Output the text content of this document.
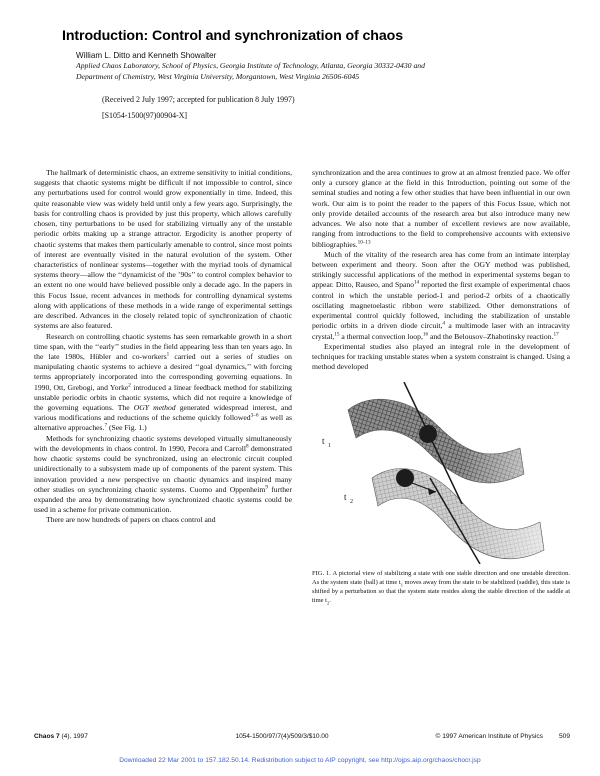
Introduction: Control and synchronization of chaos
William L. Ditto and Kenneth Showalter
Applied Chaos Laboratory, School of Physics, Georgia Institute of Technology, Atlanta, Georgia 30332-0430 and Department of Chemistry, West Virginia University, Morgantown, West Virginia 26506-6045
(Received 2 July 1997; accepted for publication 8 July 1997)
[S1054-1500(97)00904-X]

The hallmark of deterministic chaos, an extreme sensitivity to initial conditions, suggests that chaotic systems might be difficult if not impossible to control, since any perturbations used for control would grow exponentially in time. Indeed, this quite reasonable view was widely held until only a few years ago. Surprisingly, the basis for controlling chaos is provided by just this property, which allows carefully chosen, tiny perturbations to be used for stabilizing virtually any of the unstable periodic orbits making up a strange attractor. Ergodicity is another property of chaotic systems that makes them particularly amenable to control, since most points of interest are eventually visited in the natural evolution of the system. Other characteristics of nonlinear systems—together with the myriad tools of dynamical systems theory—allow the ‘‘dynamicist of the ’90s’’ to control complex behavior to an extent no one would have believed possible only a decade ago. In the papers in this Focus Issue, recent advances in methods for controlling dynamical systems along with applications of these methods in a wide range of experimental settings are described. Advances in the closely related topic of synchronization of chaotic systems are also featured.

Research on controlling chaotic systems has seen remarkable growth in a short time span, with the ‘‘early’’ studies in the field appearing less than ten years ago. In the late 1980s, Hübler and co-workers$^1$ carried out a series of studies on manipulating chaotic systems to achieve a desired ‘‘goal dynamics,’’ with forcing terms appropriately incorporated into the corresponding governing equations. In 1990, Ott, Grebogi, and Yorke$^2$ introduced a linear feedback method for stabilizing unstable periodic orbits in chaotic systems, which did not require a knowledge of the governing equations. The OGY method generated widespread interest, and various modifications and reductions of the scheme quickly followed$^{3-6}$ as well as alternative approaches.$^7$ (See Fig. 1.)

Methods for synchronizing chaotic systems developed virtually simultaneously with the developments in chaos control. In 1990, Pecora and Carroll$^8$ demonstrated how chaotic systems could be synchronized, using an electronic circuit coupled unidirectionally to a subsystem made up of components of the parent system. This innovation provided a new perspective on chaotic dynamics and inspired many other studies on synchronizing chaotic systems. Cuomo and Oppenheim$^9$ further expanded the area by demonstrating how synchronized chaotic systems could be used in a scheme for private communication.

There are now hundreds of papers on chaos control and

synchronization and the area continues to grow at an almost frenzied pace. We offer only a cursory glance at the field in this Introduction, pointing out some of the seminal studies and noting a few other studies that have been influential in our own work. Our aim is to point the reader to the papers of this Focus Issue, which not only provide detailed accounts of the research area but also introduce many new advances. We also note that a number of excellent reviews are now available, ranging from introductions to the field to comprehensive accounts with extensive bibliographies.$^{10-13}$

Much of the vitality of the research area has come from an intimate interplay between experiment and theory. Soon after the OGY method was published, strikingly successful applications of the method in experimental systems began to appear. Ditto, Rauseo, and Spano$^{14}$ reported the first example of experimental chaos control in which the unstable period-1 and period-2 orbits of a chaotically oscillating magnetoelastic ribbon were stabilized. Other demonstrations of experimental control quickly followed, including the stabilization of unstable periodic orbits in a driven diode circuit,$^4$ a multimode laser with an intracavity crystal,$^{15}$ a thermal convection loop,$^{16}$ and the Belousov–Zhabotinsky reaction.$^{17}$

Experimental studies also played an integral role in the development of techniques for tracking unstable states when a system constraint is changed. Using a method developed

t 1
t 2
FIG. 1. A pictorial view of stabilizing a state with one stable direction and one unstable direction. As the system state (ball) at time $t_1$ moves away from the state to be stabilized (saddle), this state is shifted by a perturbation so that the system state resides along the stable direction of the saddle at time $t_2$.
Chaos 7 (4), 1997	1054-1500/97/7(4)/509/3/$10.00	© 1997 American Institute of Physics 509
Downloaded 22 Mar 2001 to 157.182.50.14. Redistribution subject to AIP copyright, see http://ojps.aip.org/chaos/chocr.jsp
